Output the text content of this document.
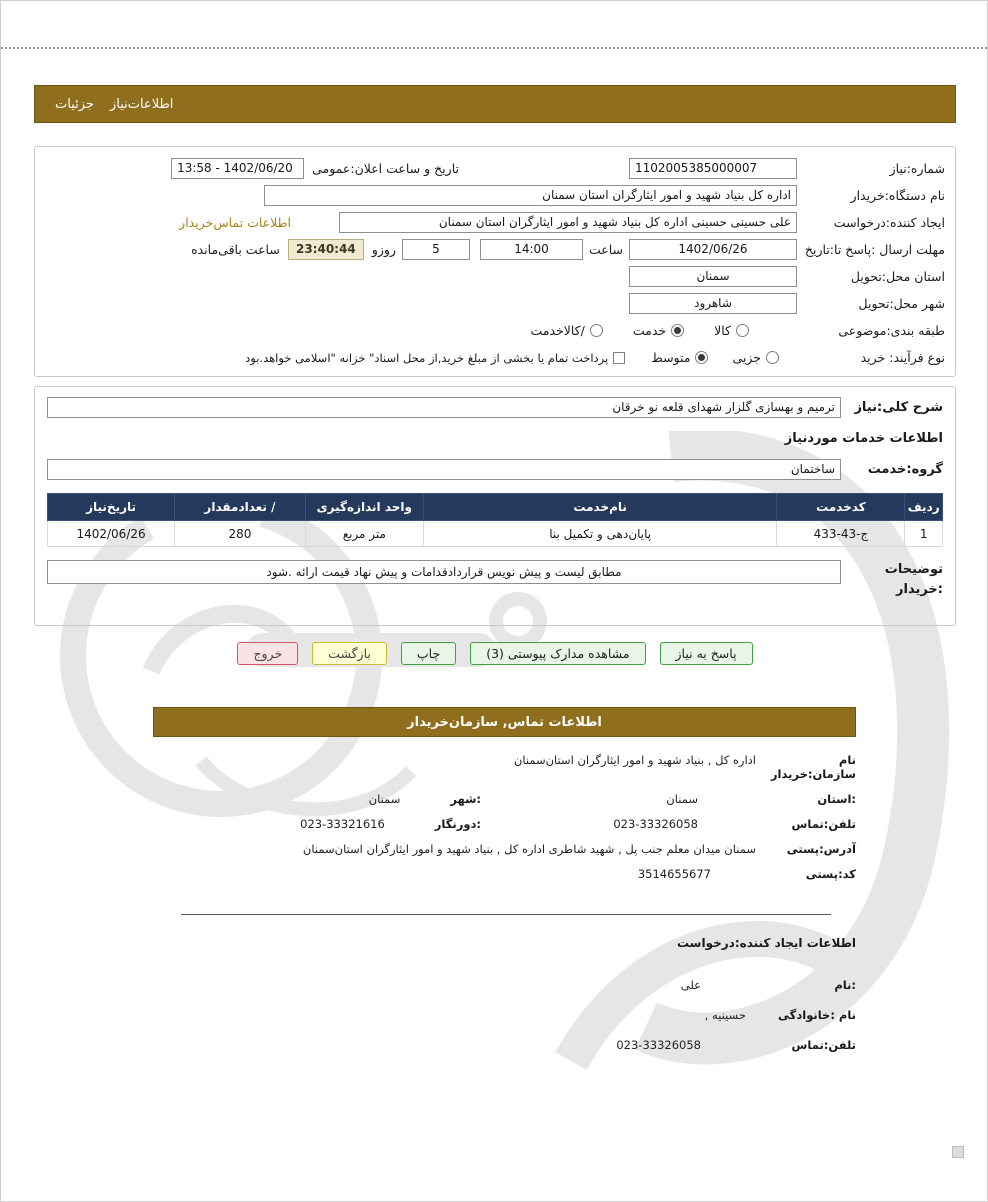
اطلاعات‌نیاز
جزئیات
شماره:نیاز
1102005385000007
تاریخ و ساعت اعلان:عمومی
13:58 - 1402/06/20
نام دستگاه:خریدار
اداره کل بنیاد شهید و امور ایثارگران استان سمنان
ایجاد کننده:درخواست
علی حسینی حسینی اداره کل بنیاد شهید و امور ایثارگران استان سمنان
اطلاعات تماس‌خریدار
مهلت ارسال :پاسخ تا:تاریخ
1402/06/26
ساعت
14:00
5
روزو
23:40:44
ساعت باقی‌مانده
استان محل:تحویل
سمنان
شهر محل:تحویل
شاهرود
طبقه بندی:موضوعی
کالا
خدمت
/کالاخدمت
نوع فرآیند: خرید
جزیی
متوسط
پرداخت تمام یا بخشی از مبلغ خرید,از محل اسناد" خزانه "اسلامی خواهد.بود
شرح کلی:نیاز
ترمیم و بهسازی گلزار شهدای قلعه نو خرقان
اطلاعات خدمات موردنیاز
گروه:خدمت
ساختمان
ردیف	کدخدمت	نام‌خدمت	واحد اندازه‌گیری	/ تعدادمقدار	تاریخ‌نیاز
1	ج-43-433	پایان‌دهی و تکمیل بنا	متر مربع	280	1402/06/26
توضیحات
:خریدار
مطابق لیست و پیش نویس قراردادقدامات و پیش نهاد قیمت ارائه .شود
پاسخ به نیاز
مشاهده مدارک پیوستی (3)
چاپ
بازگشت
خروج
اطلاعات تماس, سازمان‌خریدار
نام سازمان:خریدار
اداره کل , بنیاد شهید و امور ایثارگران استان‌سمنان
:استان
سمنان
:شهر
سمنان
تلفن:تماس
023-33326058
:دورنگار
023-33321616
آدرس:پستی
سمنان میدان معلم جنب پل , شهید شاطری اداره کل , بنیاد شهید و امور ایثارگران استان‌سمنان
کد:پستی
3514655677
اطلاعات ایجاد کننده:درخواست
:نام
علی
نام :خانوادگی
حسینیه ,
تلفن:تماس
023-33326058
